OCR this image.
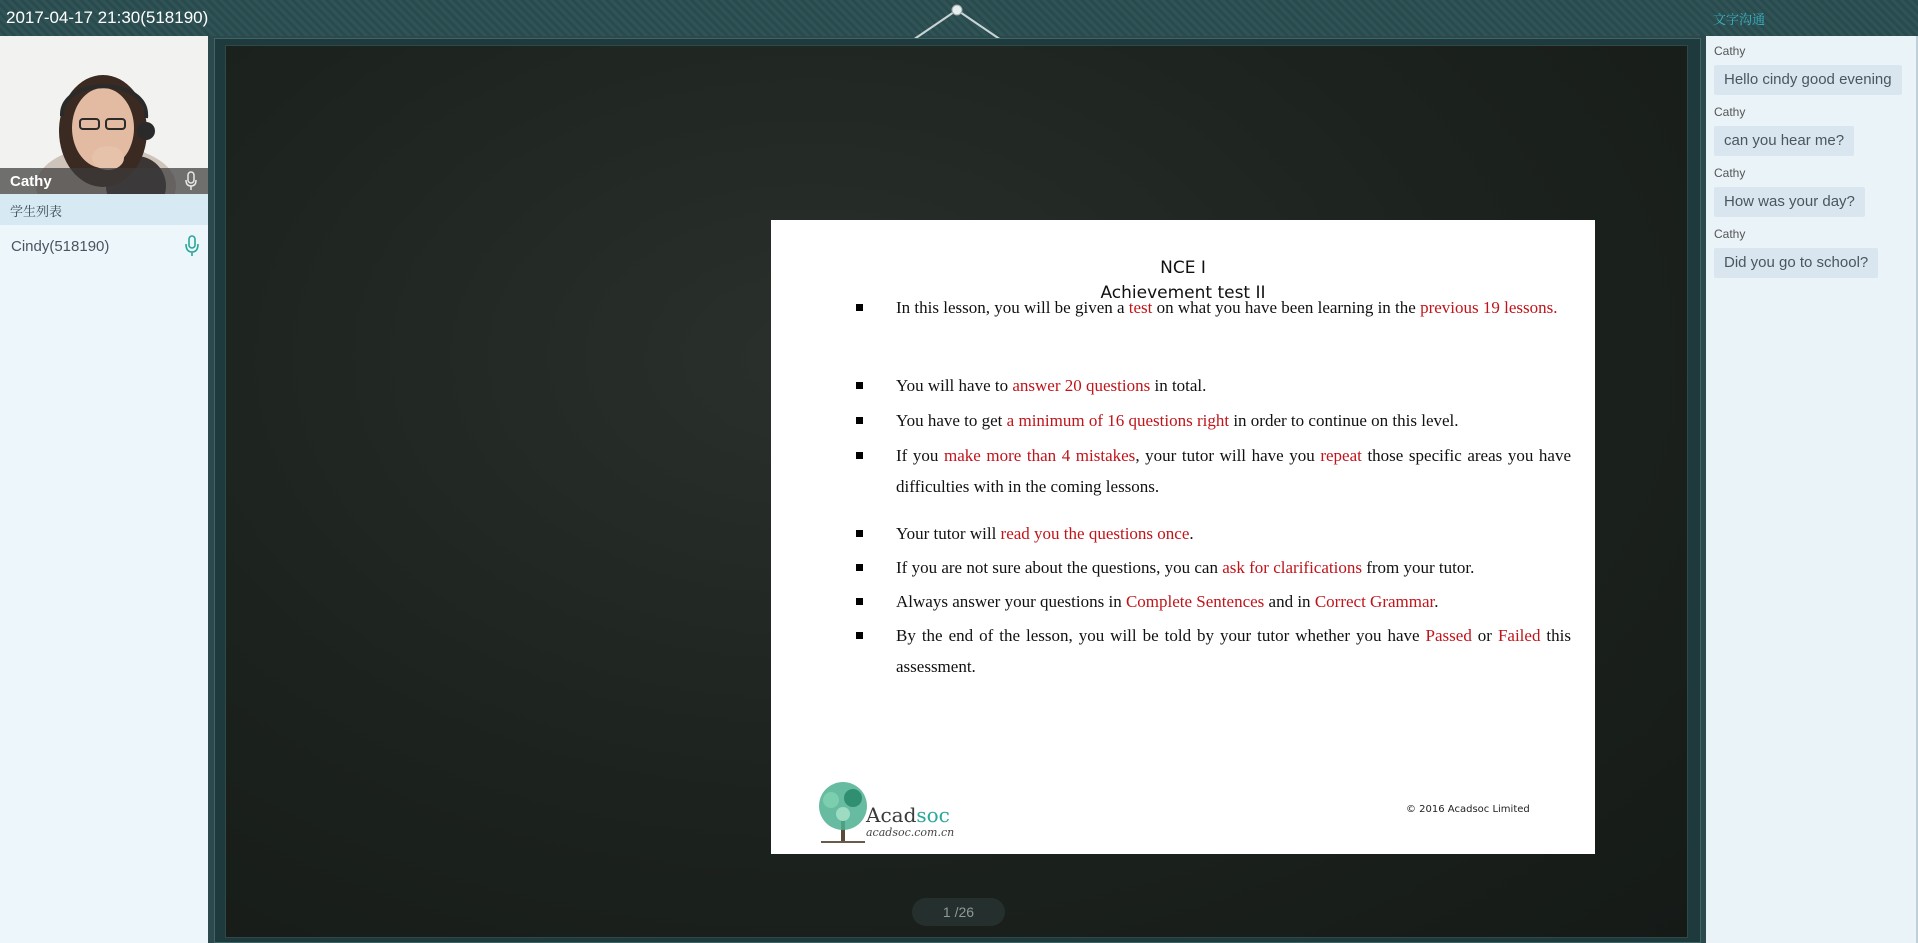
2017-04-17 21:30(518190)	文字沟通
Cathy
学生列表
Cindy(518190)
NCE I
Achievement test II
In this lesson, you will be given a test on what you have been learning in the previous 19 lessons.
You will have to answer 20 questions in total.
You have to get a minimum of 16 questions right in order to continue on this level.
If you make more than 4 mistakes, your tutor will have you repeat those specific areas you have difficulties with in the coming lessons.
Your tutor will read you the questions once.
If you are not sure about the questions, you can ask for clarifications from your tutor.
Always answer your questions in Complete Sentences and in Correct Grammar.
By the end of the lesson, you will be told by your tutor whether you have Passed or Failed this assessment.
Acadsoc
acadsoc.com.cn
© 2016 Acadsoc Limited
1 /26
Cathy
Hello cindy good evening
Cathy
can you hear me?
Cathy
How was your day?
Cathy
Did you go to school?
